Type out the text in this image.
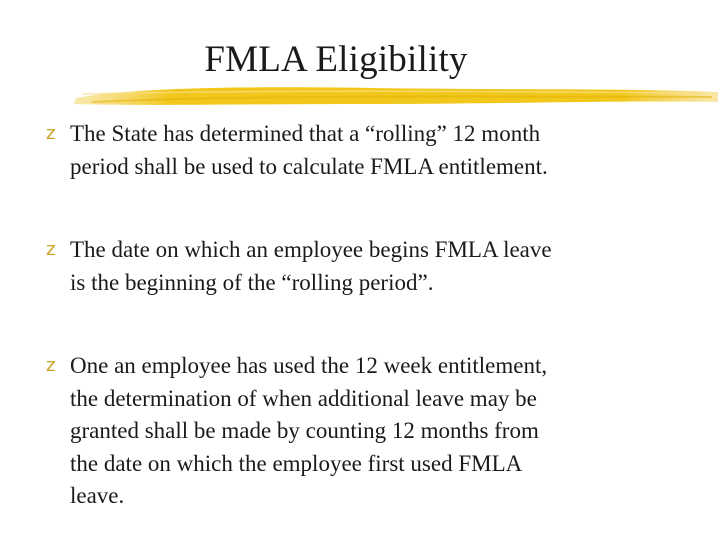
FMLA Eligibility
z The State has determined that a “rolling” 12 month
period shall be used to calculate FMLA entitlement.
z The date on which an employee begins FMLA leave
is the beginning of the “rolling period”.
z One an employee has used the 12 week entitlement,
the determination of when additional leave may be
granted shall be made by counting 12 months from
the date on which the employee first used FMLA
leave.
